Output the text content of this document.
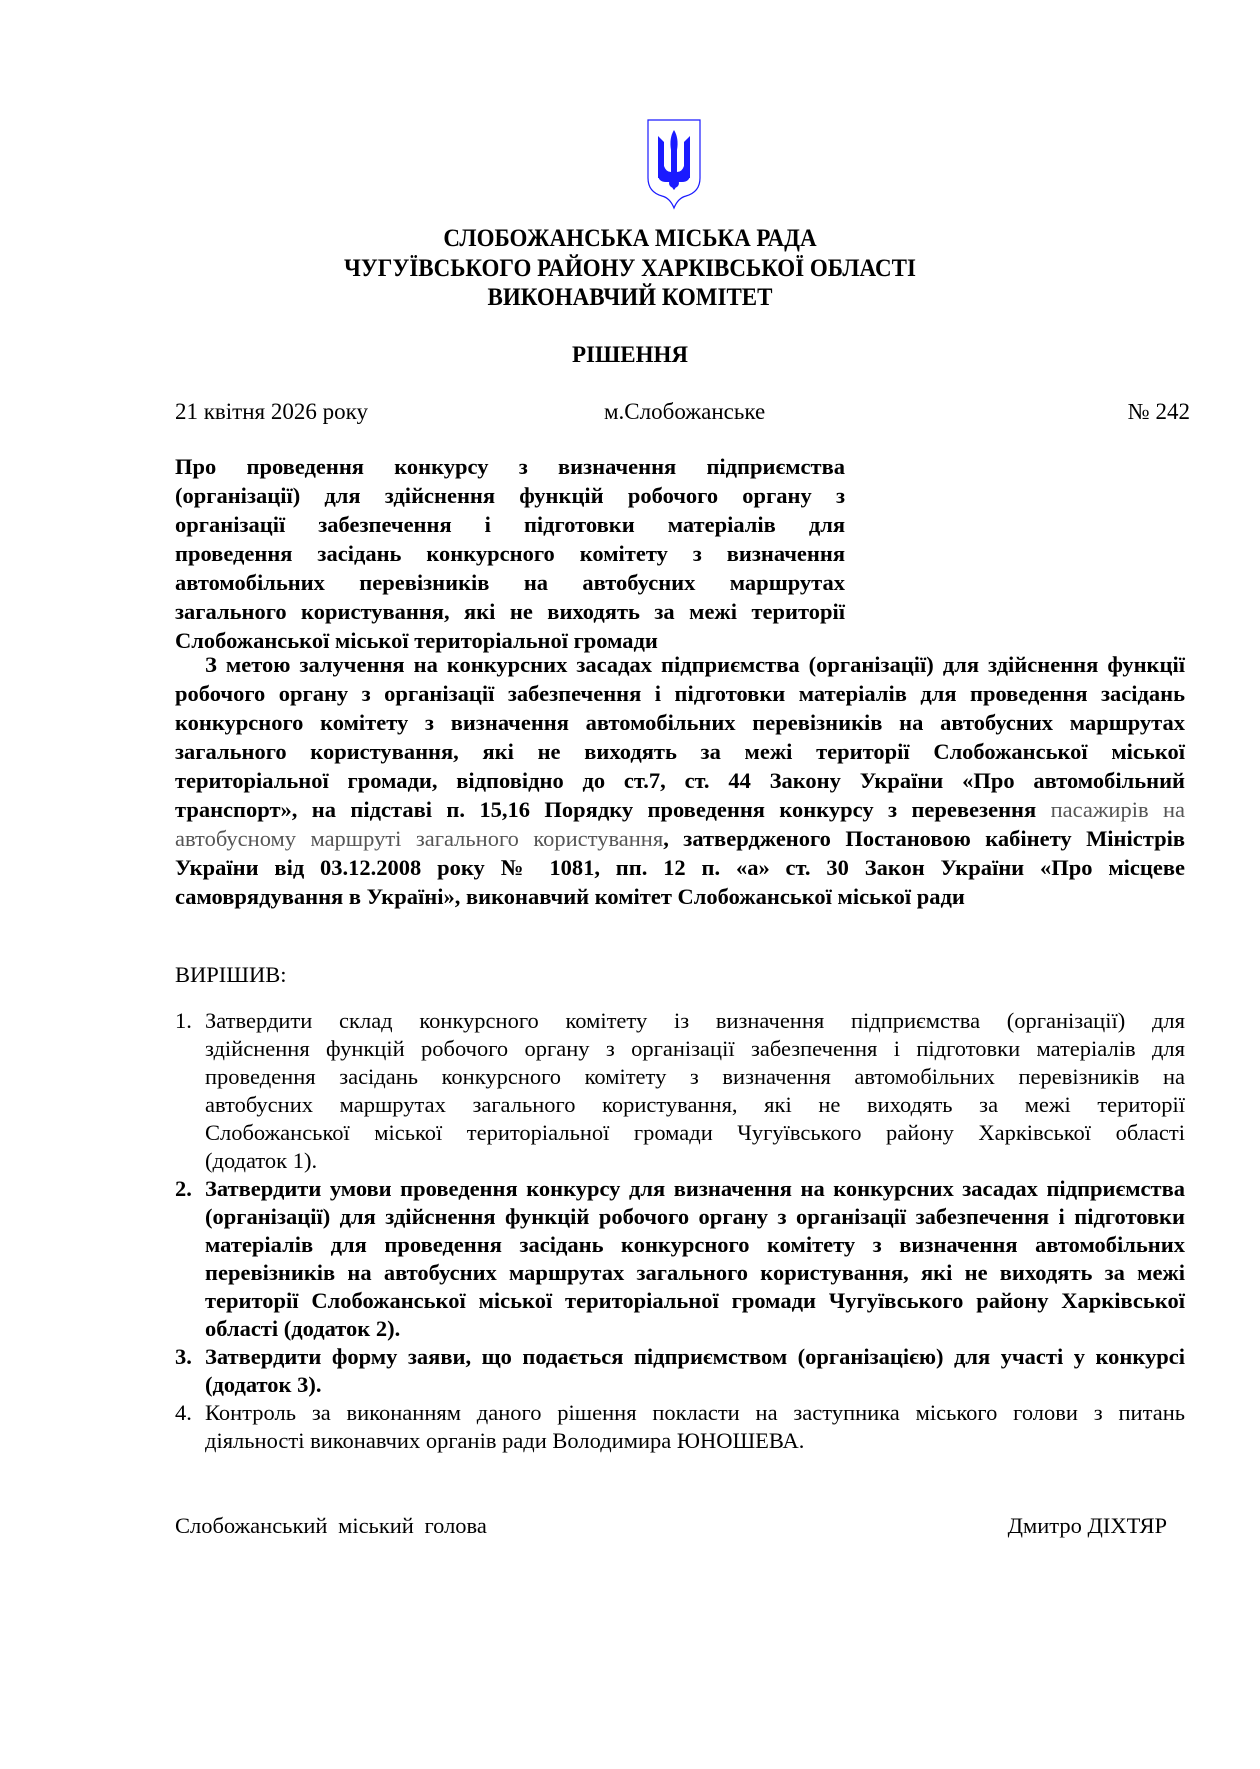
СЛОБОЖАНСЬКА МІСЬКА РАДА
ЧУГУЇВСЬКОГО РАЙОНУ ХАРКІВСЬКОЇ ОБЛАСТІ
ВИКОНАВЧИЙ КОМІТЕТ
РІШЕННЯ
21 квітня 2026 року	м.Слобожанське	№ 242
Про проведення конкурсу з визначення підприємства
(організації) для здійснення функцій робочого органу з
організації забезпечення і підготовки матеріалів для
проведення засідань конкурсного комітету з визначення
автомобільних перевізників на автобусних маршрутах
загального користування, які не виходять за межі території
Слобожанської міської територіальної громади
З метою залучення на конкурсних засадах підприємства (організації) для здійснення функції
робочого органу з організації забезпечення і підготовки матеріалів для проведення засідань
конкурсного комітету з визначення автомобільних перевізників на автобусних маршрутах
загального користування, які не виходять за межі території Слобожанської міської
територіальної громади, відповідно до ст.7, ст. 44 Закону України «Про автомобільний
транспорт», на підставі п. 15,16 Порядку проведення конкурсу з перевезення пасажирів на
автобусному маршруті загального користування, затвердженого Постановою кабінету Міністрів
України від 03.12.2008 року № 1081, пп. 12 п. «а» ст. 30 Закон України «Про місцеве
самоврядування в Україні», виконавчий комітет Слобожанської міської ради
ВИРІШИВ:
1. Затвердити склад конкурсного комітету із визначення підприємства (організації) для
здійснення функцій робочого органу з організації забезпечення і підготовки матеріалів для
проведення засідань конкурсного комітету з визначення автомобільних перевізників на
автобусних маршрутах загального користування, які не виходять за межі території
Слобожанської міської територіальної громади Чугуївського району Харківської області
(додаток 1).
2. Затвердити умови проведення конкурсу для визначення на конкурсних засадах підприємства
(організації) для здійснення функцій робочого органу з організації забезпечення і підготовки
матеріалів для проведення засідань конкурсного комітету з визначення автомобільних
перевізників на автобусних маршрутах загального користування, які не виходять за межі
території Слобожанської міської територіальної громади Чугуївського району Харківської
області (додаток 2).
3. Затвердити форму заяви, що подається підприємством (організацією) для участі у конкурсі
(додаток 3).
4. Контроль за виконанням даного рішення покласти на заступника міського голови з питань
діяльності виконавчих органів ради Володимира ЮНОШЕВА.
Слобожанський міський голова	Дмитро ДІХТЯР
